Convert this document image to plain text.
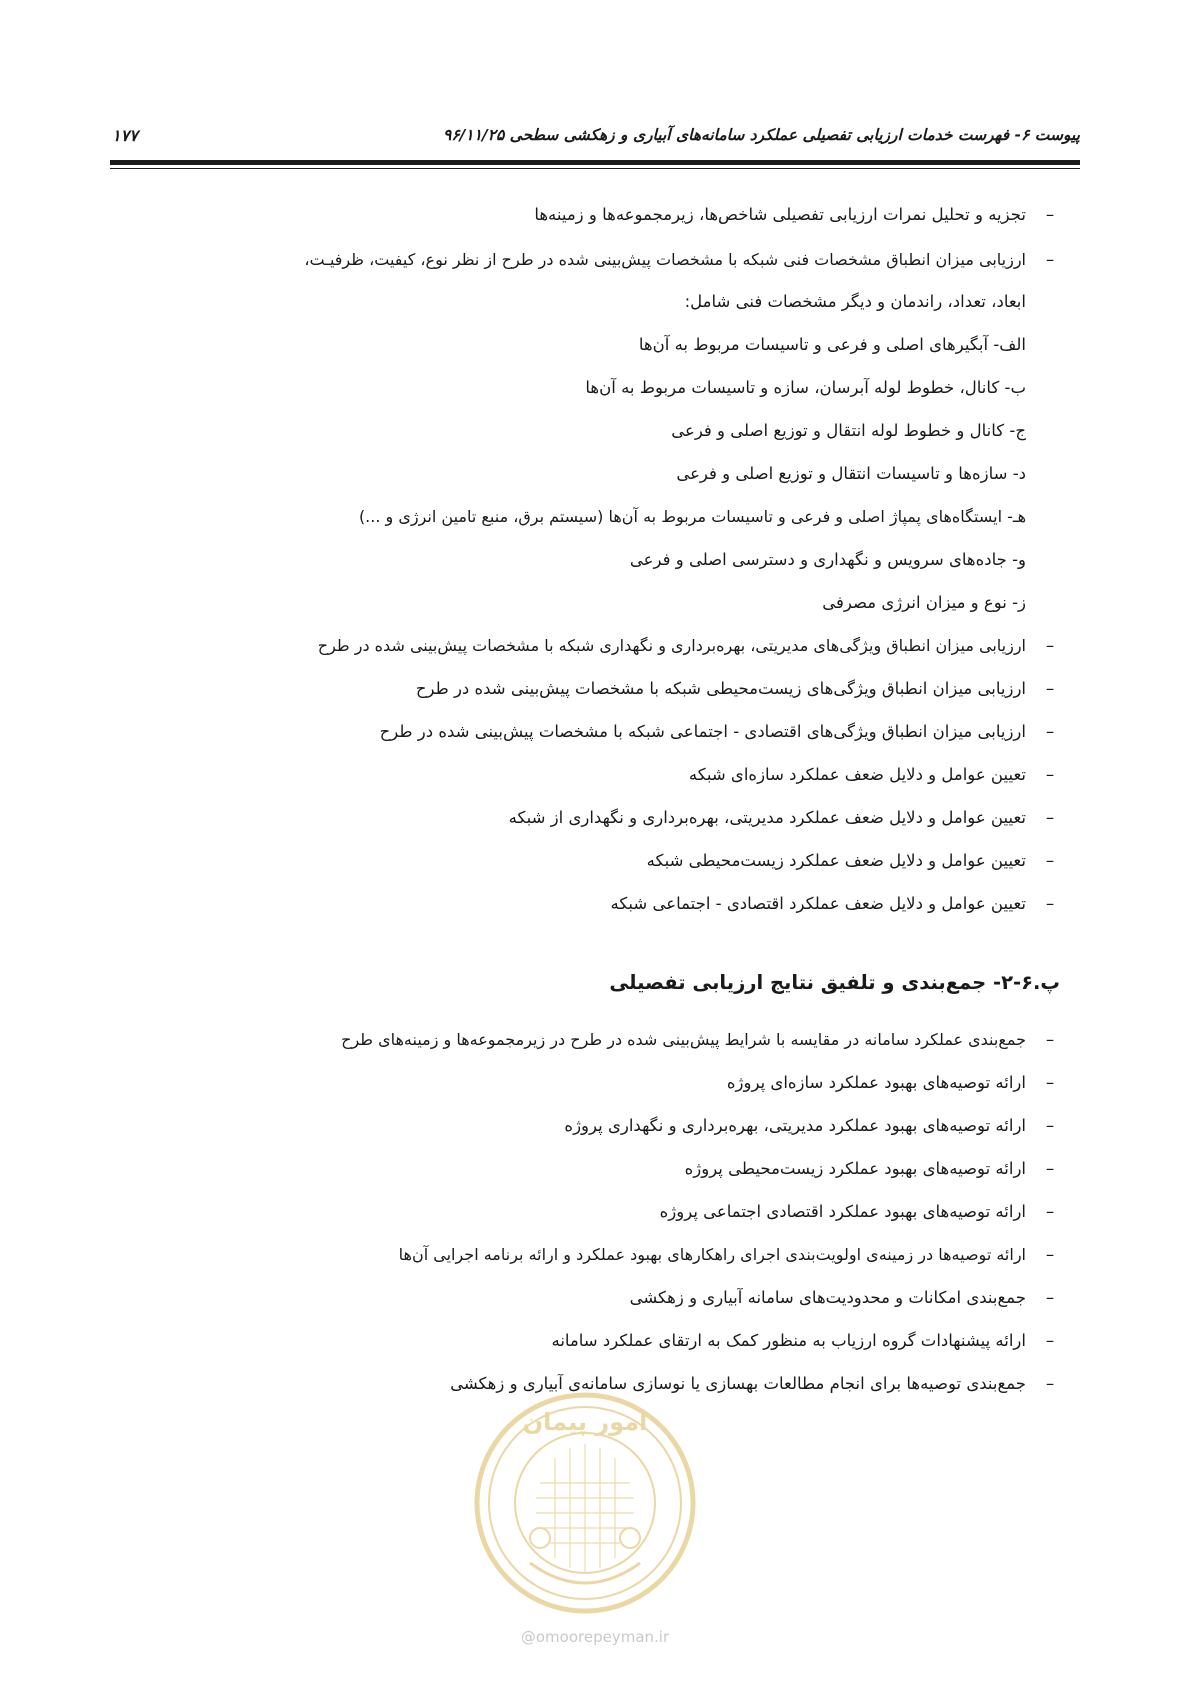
پیوست ۶- فهرست خدمات ارزیابی تفصیلی عملکرد سامانه‌های آبیاری و زهکشی سطحی ۹۶/۱۱/۲۵
۱۷۷
–
تجزیه و تحلیل نمرات ارزیابی تفصیلی شاخص‌ها، زیرمجموعه‌ها و زمینه‌ها
–
ارزیابی میزان انطباق مشخصات فنی شبکه با مشخصات پیش‌بینی شده در طرح از نظر نوع، کیفیت، ظرفیـت،
ابعاد، تعداد، راندمان و دیگر مشخصات فنی شامل:
الف- آبگیرهای اصلی و فرعی و تاسیسات مربوط به آن‌ها
ب- کانال، خطوط لوله آبرسان، سازه و تاسیسات مربوط به آن‌ها
ج- کانال و خطوط لوله انتقال و توزیع اصلی و فرعی
د- سازه‌ها و تاسیسات انتقال و توزیع اصلی و فرعی
هـ- ایستگاه‌های پمپاژ اصلی و فرعی و تاسیسات مربوط به آن‌ها (سیستم برق، منبع تامین انرژی و ...)
و- جاده‌های سرویس و نگهداری و دسترسی اصلی و فرعی
ز- نوع و میزان انرژی مصرفی
–
ارزیابی میزان انطباق ویژگی‌های مدیریتی، بهره‌برداری و نگهداری شبکه با مشخصات پیش‌بینی شده در طرح
–
ارزیابی میزان انطباق ویژگی‌های زیست‌محیطی شبکه با مشخصات پیش‌بینی شده در طرح
–
ارزیابی میزان انطباق ویژگی‌های اقتصادی - اجتماعی شبکه با مشخصات پیش‌بینی شده در طرح
–
تعیین عوامل و دلایل ضعف عملکرد سازه‌ای شبکه
–
تعیین عوامل و دلایل ضعف عملکرد مدیریتی، بهره‌برداری و نگهداری از شبکه
–
تعیین عوامل و دلایل ضعف عملکرد زیست‌محیطی شبکه
–
تعیین عوامل و دلایل ضعف عملکرد اقتصادی - اجتماعی شبکه
پ.۶-۲- جمع‌بندی و تلفیق نتایج ارزیابی تفصیلی
امور پیمان
–
جمع‌بندی عملکرد سامانه در مقایسه با شرایط پیش‌بینی شده در طرح در زیرمجموعه‌ها و زمینه‌های طرح
–
ارائه توصیه‌های بهبود عملکرد سازه‌ای پروژه
–
ارائه توصیه‌های بهبود عملکرد مدیریتی، بهره‌برداری و نگهداری پروژه
–
ارائه توصیه‌های بهبود عملکرد زیست‌محیطی پروژه
–
ارائه توصیه‌های بهبود عملکرد اقتصادی اجتماعی پروژه
–
ارائه توصیه‌ها در زمینه‌ی اولویت‌بندی اجرای راهکارهای بهبود عملکرد و ارائه برنامه اجرایی آن‌ها
–
جمع‌بندی امکانات و محدودیت‌های سامانه آبیاری و زهکشی
–
ارائه پیشنهادات گروه ارزیاب به منظور کمک به ارتقای عملکرد سامانه
–
جمع‌بندی توصیه‌ها برای انجام مطالعات بهسازی یا نوسازی سامانه‌ی آبیاری و زهکشی
@omoorepeyman.ir
